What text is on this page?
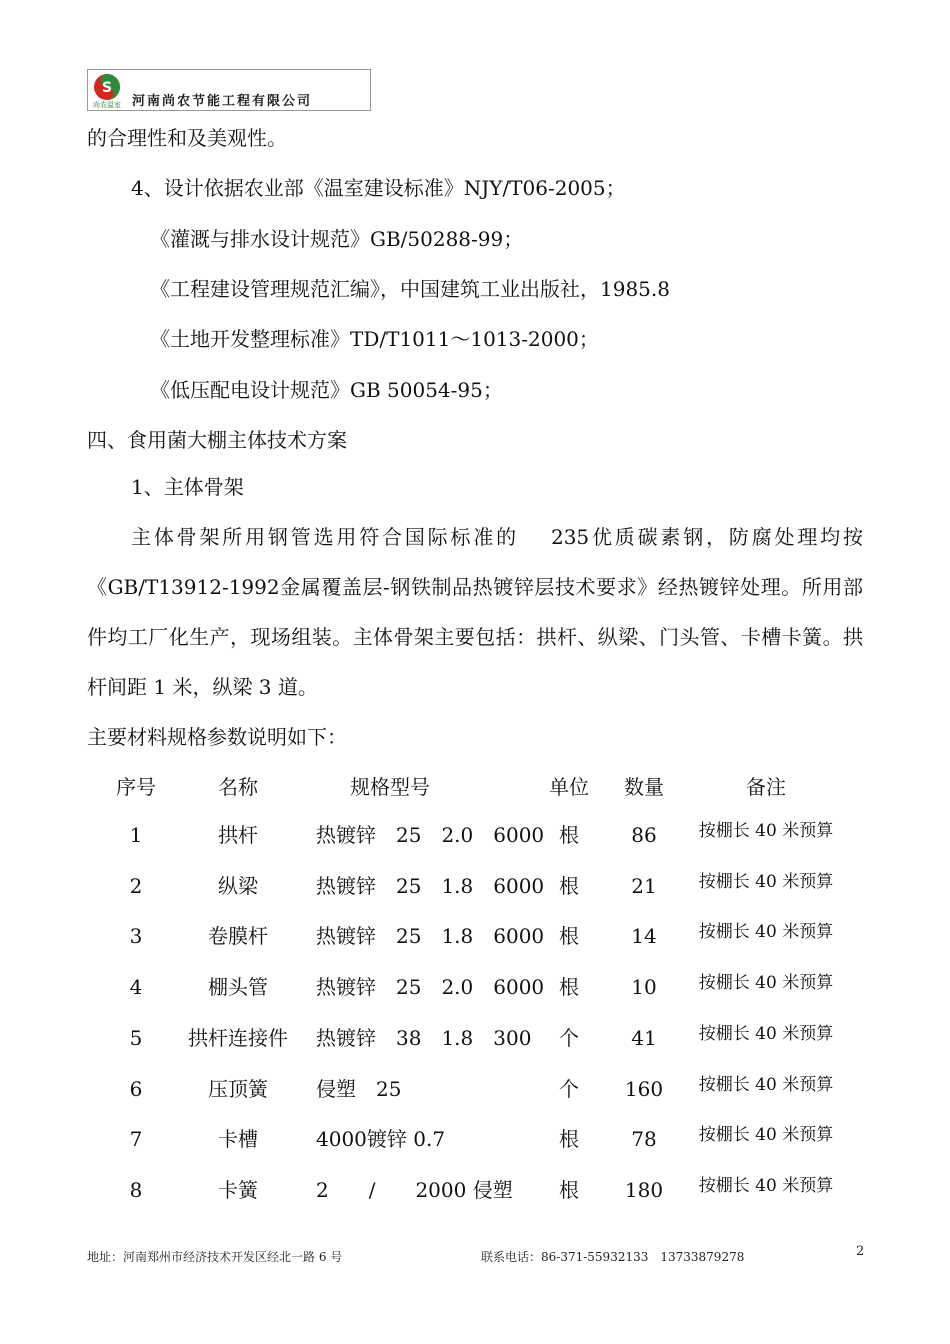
S
尚农温室 河南尚农节能工程有限公司
的合理性和及美观性。
4、设计依据农业部《温室建设标准》NJY/T06-2005；
《灌溉与排水设计规范》GB/50288-99；
《工程建设管理规范汇编》，中国建筑工业出版社，1985.8
《土地开发整理标准》TD/T1011～1013-2000；
《低压配电设计规范》GB 50054-95；
四、食用菌大棚主体技术方案
1、主体骨架
主体骨架所用钢管选用符合国际标准的　 235优质碳素钢，防腐处理均按《GB/T13912-1992金属覆盖层-钢铁制品热镀锌层技术要求》经热镀锌处理。所用部件均工厂化生产，现场组装。主体骨架主要包括：拱杆、纵梁、门头管、卡槽卡簧。拱杆间距 1 米，纵梁 3 道。
主要材料规格参数说明如下：
序号	名称	规格型号	单位	数量	备注
1	拱杆	热镀锌　25　2.0　6000 根	86	按棚长 40 米预算
2	纵梁	热镀锌　25　1.8　6000 根	21	按棚长 40 米预算
3	卷膜杆	热镀锌　25　1.8　6000 根	14	按棚长 40 米预算
4	棚头管	热镀锌　25　2.0　6000 根	10	按棚长 40 米预算
5	拱杆连接件	热镀锌　38　1.8　300	个	41	按棚长 40 米预算
6	压顶簧	侵塑　25	个	160	按棚长 40 米预算
7	卡槽	4000镀锌 0.7	根	78	按棚长 40 米预算
8	卡簧	2　　/　　2000 侵塑	根	180	按棚长 40 米预算
地址：河南郑州市经济技术开发区经北一路 6 号	联系电话：86-371-55932133　13733879278	2
